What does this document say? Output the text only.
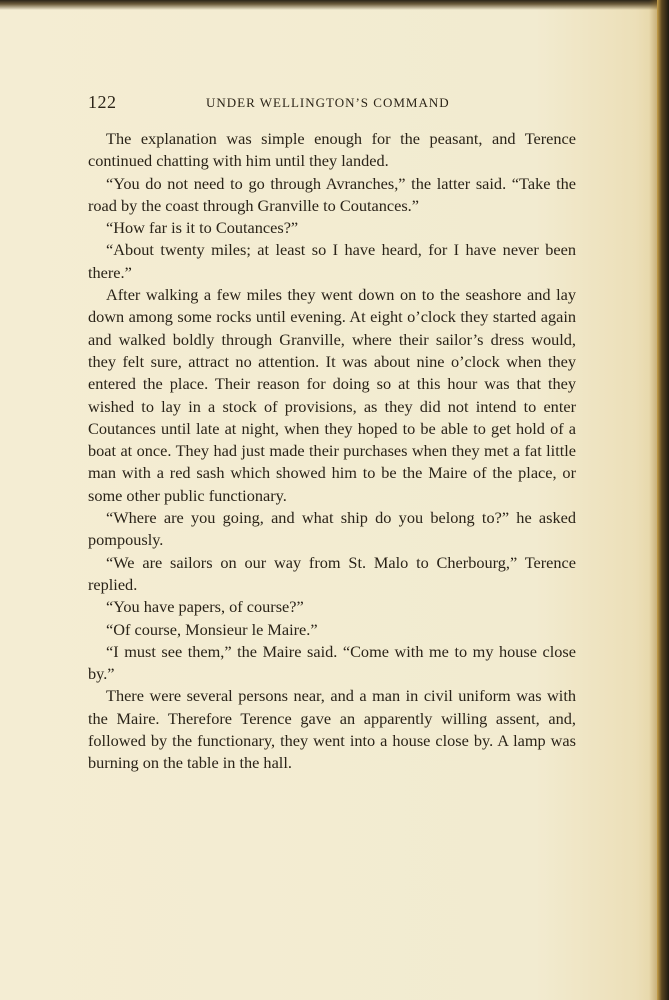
122	UNDER WELLINGTON’S COMMAND

The explanation was simple enough for the peasant, and Terence continued chatting with him until they landed.

“You do not need to go through Avranches,” the latter said. “Take the road by the coast through Granville to Coutances.”

“How far is it to Coutances?”

“About twenty miles; at least so I have heard, for I have never been there.”

After walking a few miles they went down on to the seashore and lay down among some rocks until evening. At eight o’clock they started again and walked boldly through Granville, where their sailor’s dress would, they felt sure, attract no attention. It was about nine o’clock when they entered the place. Their reason for doing so at this hour was that they wished to lay in a stock of provisions, as they did not intend to enter Coutances until late at night, when they hoped to be able to get hold of a boat at once. They had just made their purchases when they met a fat little man with a red sash which showed him to be the Maire of the place, or some other public functionary.

“Where are you going, and what ship do you belong to?” he asked pompously.

“We are sailors on our way from St. Malo to Cherbourg,” Terence replied.

“You have papers, of course?”

“Of course, Monsieur le Maire.”

“I must see them,” the Maire said. “Come with me to my house close by.”

There were several persons near, and a man in civil uniform was with the Maire. Therefore Terence gave an apparently willing assent, and, followed by the functionary, they went into a house close by. A lamp was burning on the table in the hall.
